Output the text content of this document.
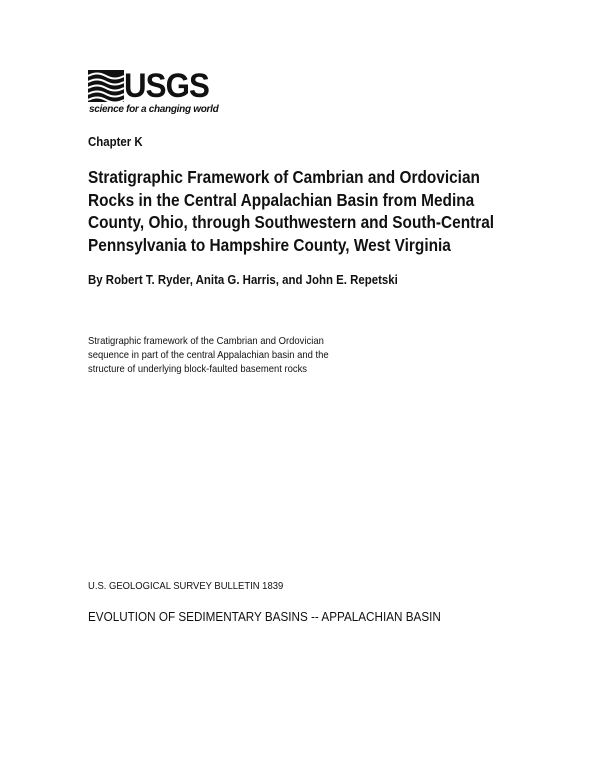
USGS
science for a changing world
Chapter K
Stratigraphic Framework of Cambrian and Ordovician
Rocks in the Central Appalachian Basin from Medina
County, Ohio, through Southwestern and South-Central
Pennsylvania to Hampshire County, West Virginia
By Robert T. Ryder, Anita G. Harris, and John E. Repetski
Stratigraphic framework of the Cambrian and Ordovician
sequence in part of the central Appalachian basin and the
structure of underlying block-faulted basement rocks
U.S. GEOLOGICAL SURVEY BULLETIN 1839
EVOLUTION OF SEDIMENTARY BASINS -- APPALACHIAN BASIN
